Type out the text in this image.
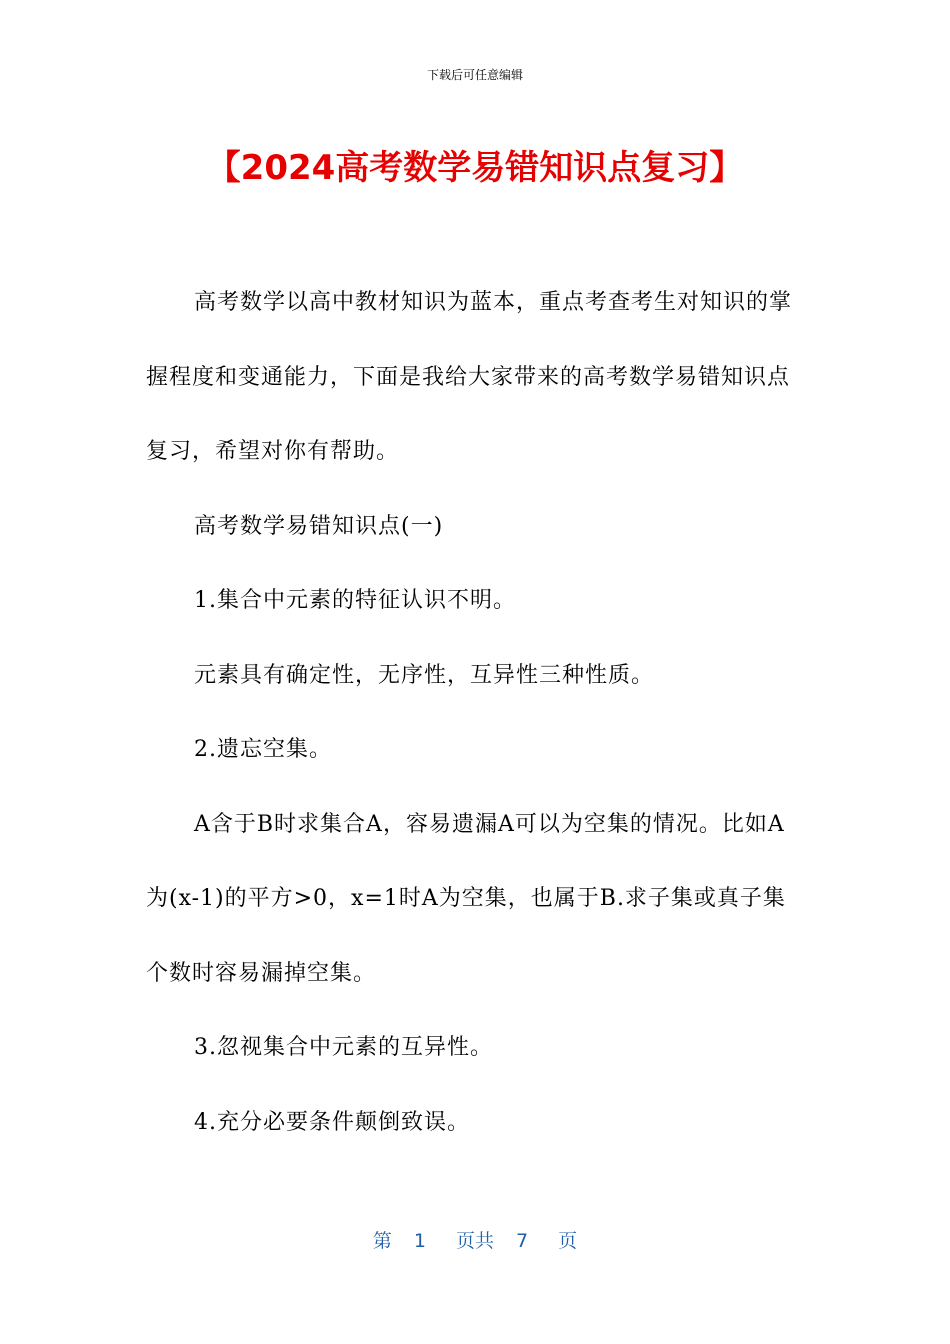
下载后可任意编辑
【2024高考数学易错知识点复习】

高考数学以高中教材知识为蓝本，重点考查考生对知识的掌握程度和变通能力，下面是我给大家带来的高考数学易错知识点复习，希望对你有帮助。

高考数学易错知识点(一)

1.集合中元素的特征认识不明。

元素具有确定性，无序性，互异性三种性质。

2.遗忘空集。

A含于B时求集合A，容易遗漏A可以为空集的情况。比如A为(x-1)的平方>0，x=1时A为空集，也属于B.求子集或真子集个数时容易漏掉空集。

3.忽视集合中元素的互异性。

4.充分必要条件颠倒致误。

第 1 页共 7 页
